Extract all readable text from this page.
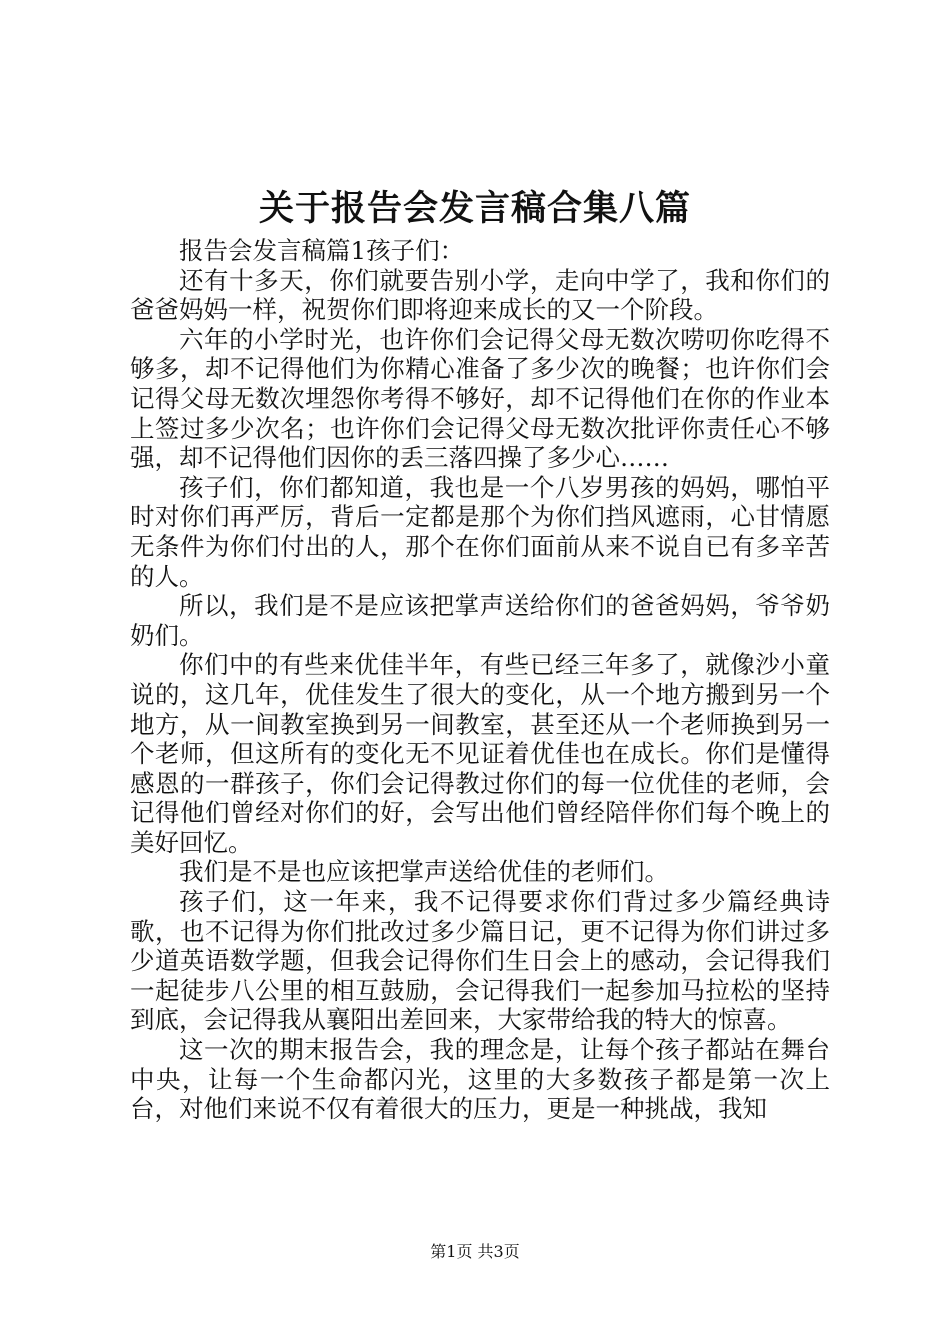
关于报告会发言稿合集八篇

报告会发言稿篇1孩子们：

还有十多天，你们就要告别小学，走向中学了，我和你们的爸爸妈妈一样，祝贺你们即将迎来成长的又一个阶段。

六年的小学时光，也许你们会记得父母无数次唠叨你吃得不够多，却不记得他们为你精心准备了多少次的晚餐；也许你们会记得父母无数次埋怨你考得不够好，却不记得他们在你的作业本上签过多少次名；也许你们会记得父母无数次批评你责任心不够强，却不记得他们因你的丢三落四操了多少心……

孩子们，你们都知道，我也是一个八岁男孩的妈妈，哪怕平时对你们再严厉，背后一定都是那个为你们挡风遮雨，心甘情愿无条件为你们付出的人，那个在你们面前从来不说自已有多辛苦的人。

所以，我们是不是应该把掌声送给你们的爸爸妈妈，爷爷奶奶们。

你们中的有些来优佳半年，有些已经三年多了，就像沙小童说的，这几年，优佳发生了很大的变化，从一个地方搬到另一个地方，从一间教室换到另一间教室，甚至还从一个老师换到另一个老师，但这所有的变化无不见证着优佳也在成长。你们是懂得感恩的一群孩子，你们会记得教过你们的每一位优佳的老师，会记得他们曾经对你们的好，会写出他们曾经陪伴你们每个晚上的美好回忆。

我们是不是也应该把掌声送给优佳的老师们。

孩子们，这一年来，我不记得要求你们背过多少篇经典诗歌，也不记得为你们批改过多少篇日记，更不记得为你们讲过多少道英语数学题，但我会记得你们生日会上的感动，会记得我们一起徒步八公里的相互鼓励，会记得我们一起参加马拉松的坚持到底，会记得我从襄阳出差回来，大家带给我的特大的惊喜。

这一次的期末报告会，我的理念是，让每个孩子都站在舞台中央，让每一个生命都闪光，这里的大多数孩子都是第一次上台，对他们来说不仅有着很大的压力，更是一种挑战，我知

第1页 共3页
